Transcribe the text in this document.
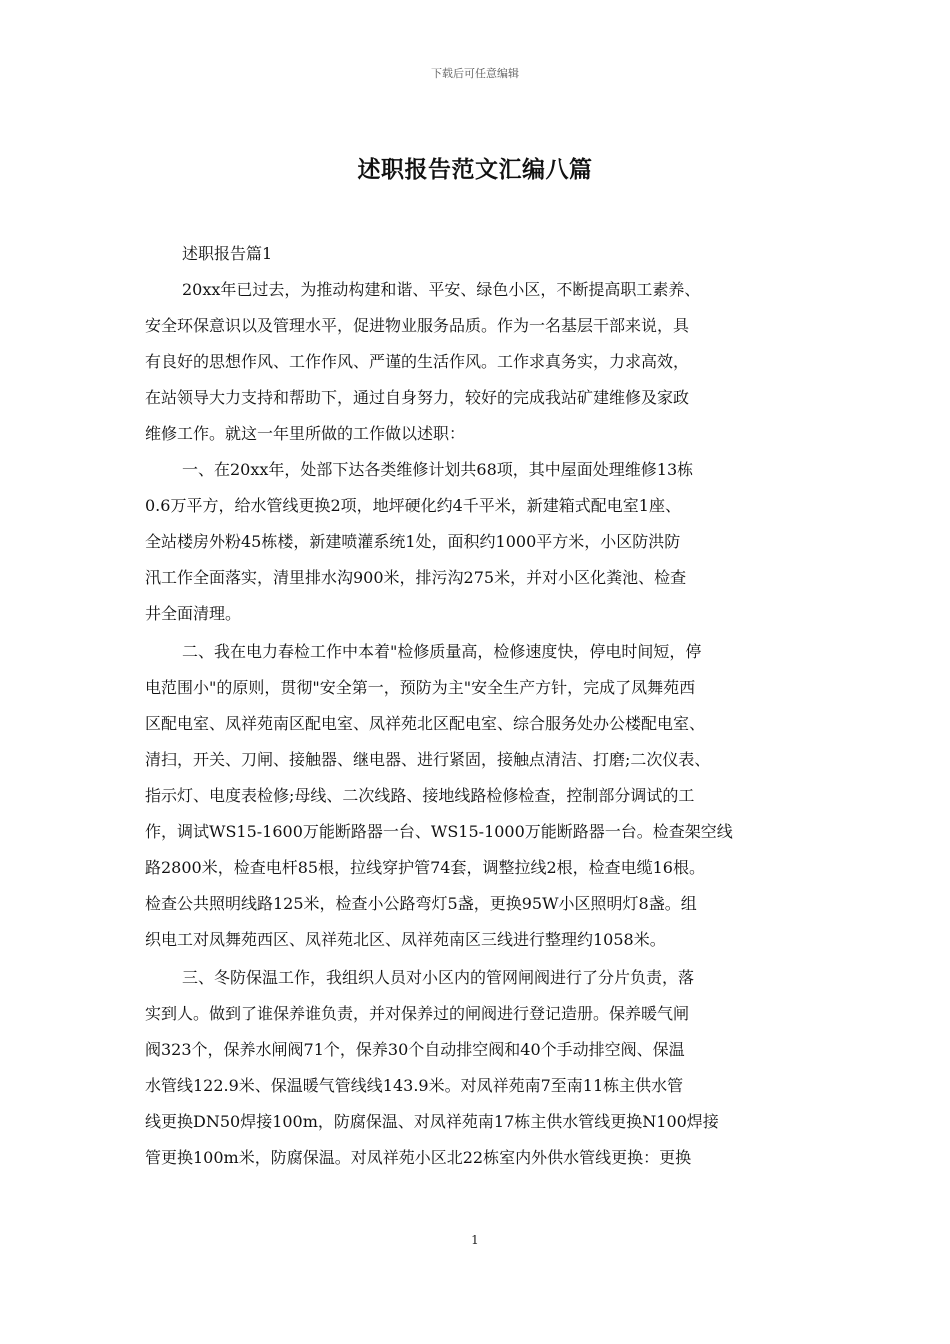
下载后可任意编辑
述职报告范文汇编八篇
述职报告篇1
20xx年已过去，为推动构建和谐、平安、绿色小区，不断提高职工素养、
安全环保意识以及管理水平，促进物业服务品质。作为一名基层干部来说，具
有良好的思想作风、工作作风、严谨的生活作风。工作求真务实，力求高效，
在站领导大力支持和帮助下，通过自身努力，较好的完成我站矿建维修及家政
维修工作。就这一年里所做的工作做以述职：
一、在20xx年，处部下达各类维修计划共68项，其中屋面处理维修13栋
0.6万平方，给水管线更换2项，地坪硬化约4千平米，新建箱式配电室1座、
全站楼房外粉45栋楼，新建喷灌系统1处，面积约1000平方米，小区防洪防
汛工作全面落实，清里排水沟900米，排污沟275米，并对小区化粪池、检查
井全面清理。
二、我在电力春检工作中本着"检修质量高，检修速度快，停电时间短，停
电范围小"的原则，贯彻"安全第一，预防为主"安全生产方针，完成了凤舞苑西
区配电室、凤祥苑南区配电室、凤祥苑北区配电室、综合服务处办公楼配电室、
清扫，开关、刀闸、接触器、继电器、进行紧固，接触点清洁、打磨;二次仪表、
指示灯、电度表检修;母线、二次线路、接地线路检修检查，控制部分调试的工
作，调试WS15-1600万能断路器一台、WS15-1000万能断路器一台。检查架空线
路2800米，检查电杆85根，拉线穿护管74套，调整拉线2根，检查电缆16根。
检查公共照明线路125米，检查小公路弯灯5盏，更换95W小区照明灯8盏。组
织电工对凤舞苑西区、凤祥苑北区、凤祥苑南区三线进行整理约1058米。
三、冬防保温工作，我组织人员对小区内的管网闸阀进行了分片负责，落
实到人。做到了谁保养谁负责，并对保养过的闸阀进行登记造册。保养暖气闸
阀323个，保养水闸阀71个，保养30个自动排空阀和40个手动排空阀、保温
水管线122.9米、保温暖气管线线143.9米。对凤祥苑南7至南11栋主供水管
线更换DN50焊接100m，防腐保温、对凤祥苑南17栋主供水管线更换N100焊接
管更换100m米，防腐保温。对凤祥苑小区北22栋室内外供水管线更换：更换
1
